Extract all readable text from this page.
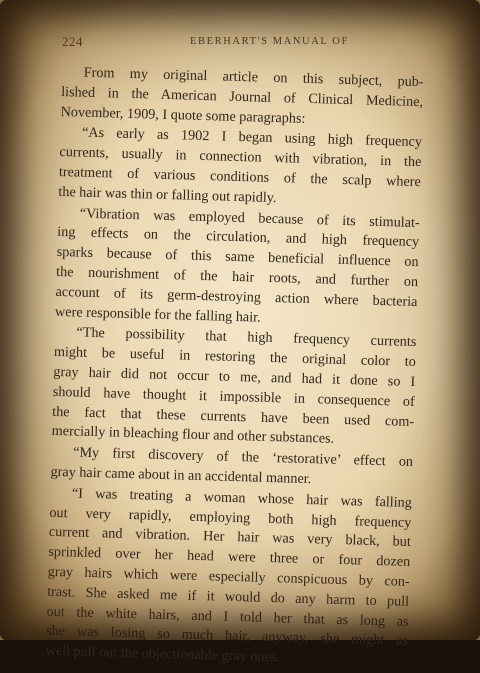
224	EBERHART'S MANUAL OF

From my original article on this subject, pub-
lished in the American Journal of Clinical Medicine,
November, 1909, I quote some paragraphs:

“As early as 1902 I began using high frequency
currents, usually in connection with vibration, in the
treatment of various conditions of the scalp where
the hair was thin or falling out rapidly.

“Vibration was employed because of its stimulat-
ing effects on the circulation, and high frequency
sparks because of this same beneficial influence on
the nourishment of the hair roots, and further on
account of its germ-destroying action where bacteria
were responsible for the falling hair.

“The possibility that high frequency currents
might be useful in restoring the original color to
gray hair did not occur to me, and had it done so I
should have thought it impossible in consequence of
the fact that these currents have been used com-
mercially in bleaching flour and other substances.

“My first discovery of the ‘restorative’ effect on
gray hair came about in an accidental manner.

“I was treating a woman whose hair was falling
out very rapidly, employing both high frequency
current and vibration. Her hair was very black, but
sprinkled over her head were three or four dozen
gray hairs which were especially conspicuous by con-
trast. She asked me if it would do any harm to pull
out the white hairs, and I told her that as long as
she was losing so much hair, anyway, she might as
well pull out the objectionable gray ones.
